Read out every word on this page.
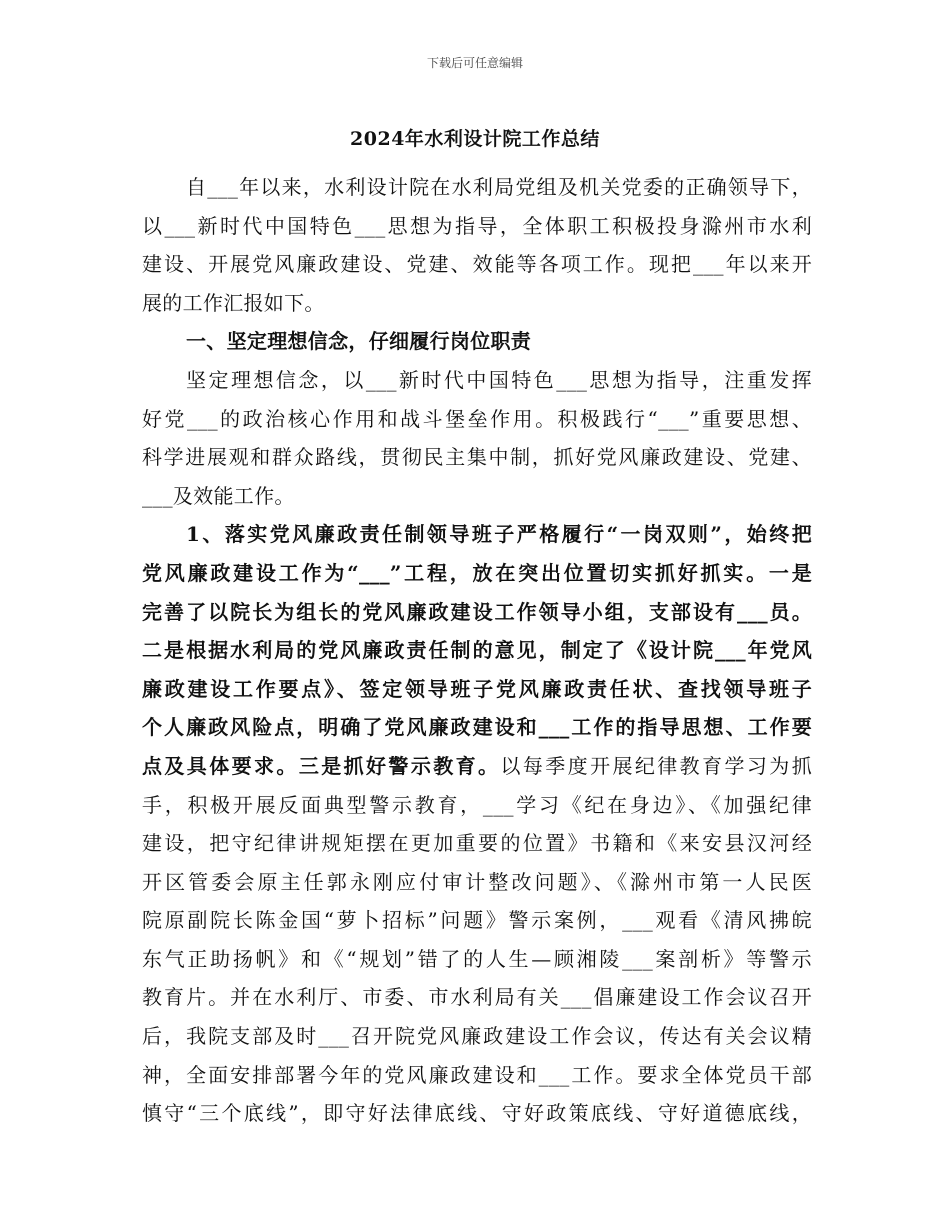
下载后可任意编辑
2024年水利设计院工作总结
自___年以来，水利设计院在水利局党组及机关党委的正确领导下，
以___新时代中国特色___思想为指导，全体职工积极投身滁州市水利
建设、开展党风廉政建设、党建、效能等各项工作。现把___年以来开
展的工作汇报如下。
一、坚定理想信念，仔细履行岗位职责
坚定理想信念，以___新时代中国特色___思想为指导，注重发挥
好党___的政治核心作用和战斗堡垒作用。积极践行“___”重要思想、
科学进展观和群众路线，贯彻民主集中制，抓好党风廉政建设、党建、
___及效能工作。
1、落实党风廉政责任制领导班子严格履行“一岗双则”，始终把
党风廉政建设工作为“___”工程，放在突出位置切实抓好抓实。一是
完善了以院长为组长的党风廉政建设工作领导小组，支部设有___员。
二是根据水利局的党风廉政责任制的意见，制定了《设计院___年党风
廉政建设工作要点》、签定领导班子党风廉政责任状、查找领导班子
个人廉政风险点，明确了党风廉政建设和___工作的指导思想、工作要
点及具体要求。三是抓好警示教育。以每季度开展纪律教育学习为抓
手，积极开展反面典型警示教育，___学习《纪在身边》、《加强纪律
建设，把守纪律讲规矩摆在更加重要的位置》书籍和《来安县汉河经
开区管委会原主任郭永刚应付审计整改问题》、《滁州市第一人民医
院原副院长陈金国“萝卜招标”问题》警示案例，___观看《清风拂皖
东气正助扬帆》和《“规划”错了的人生—顾湘陵___案剖析》等警示
教育片。并在水利厅、市委、市水利局有关___倡廉建设工作会议召开
后，我院支部及时___召开院党风廉政建设工作会议，传达有关会议精
神，全面安排部署今年的党风廉政建设和___工作。要求全体党员干部
慎守“三个底线”，即守好法律底线、守好政策底线、守好道德底线，
